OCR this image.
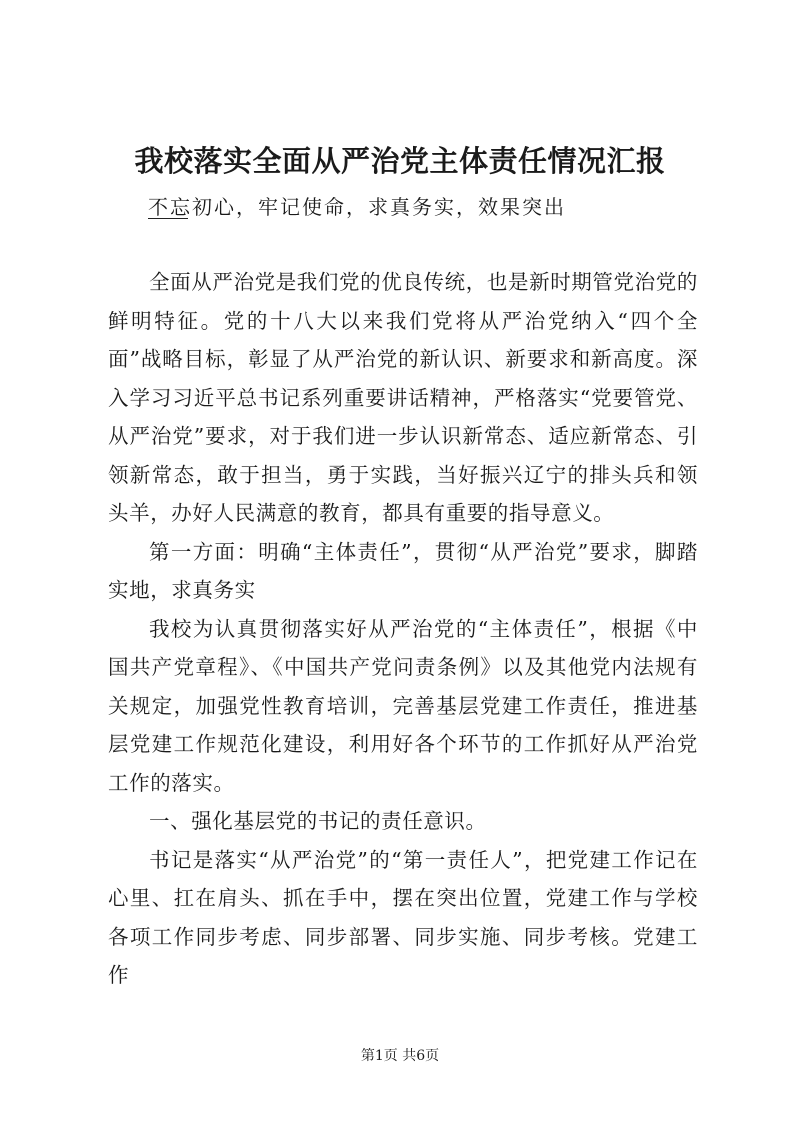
我校落实全面从严治党主体责任情况汇报
不忘初心，牢记使命，求真务实，效果突出

全面从严治党是我们党的优良传统，也是新时期管党治党的鲜明特征。党的十八大以来我们党将从严治党纳入“四个全面”战略目标，彰显了从严治党的新认识、新要求和新高度。深入学习习近平总书记系列重要讲话精神，严格落实“党要管党、从严治党”要求，对于我们进一步认识新常态、适应新常态、引领新常态，敢于担当，勇于实践，当好振兴辽宁的排头兵和领头羊，办好人民满意的教育，都具有重要的指导意义。

第一方面：明确“主体责任”，贯彻“从严治党”要求，脚踏实地，求真务实

我校为认真贯彻落实好从严治党的“主体责任”，根据《中国共产党章程》、《中国共产党问责条例》以及其他党内法规有关规定，加强党性教育培训，完善基层党建工作责任，推进基层党建工作规范化建设，利用好各个环节的工作抓好从严治党工作的落实。

一、强化基层党的书记的责任意识。

书记是落实“从严治党”的“第一责任人”，把党建工作记在心里、扛在肩头、抓在手中，摆在突出位置，党建工作与学校各项工作同步考虑、同步部署、同步实施、同步考核。党建工作

第1页 共6页
